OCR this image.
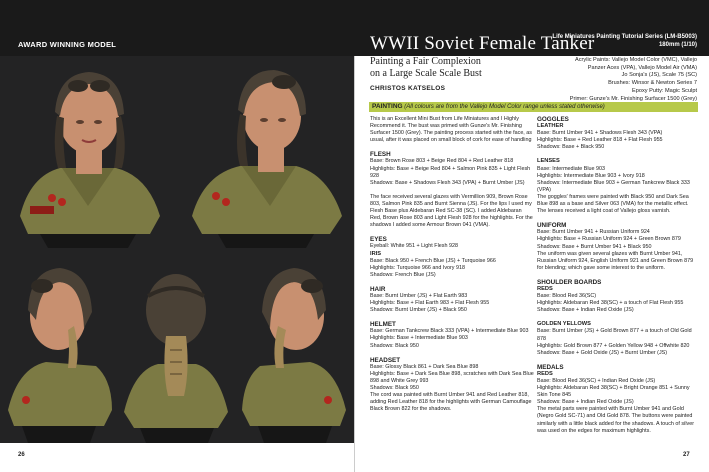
AWARD WINNING MODEL	WWII Soviet Female Tanker
Life Miniatures Painting Tutorial Series (LM-B5003)
180mm (1/10)
Painting a Fair Complexion
on a Large Scale Scale Bust
CHRISTOS KATSELOS
Acrylic Paints: Vallejo Model Color (VMC), Vallejo
Panzer Aces (VPA), Vallejo Model Air (VMA)
Jo Sonja's (JS), Scale 75 (SC)
Brushes: Winsor & Newton Series 7
Epoxy Putty: Magic Sculpt
Primer: Gunze's Mr. Finishing Surfacer 1500 (Grey)
PAINTING (All colours are from the Vallejo Model Color range unless stated otherwise)

This is an Excellent Mini Bust from Life Miniatures and I Highly Recommend it. The bust was primed with Gunze's Mr. Finishing Surfacer 1500 (Grey). The painting process started with the face, as usual, after it was placed on small block of cork for ease of handling

FLESH
Base: Brown Rose 803 + Beige Red 804 + Red Leather 818
Highlights: Base + Beige Red 804 + Salmon Pink 835 + Light Flesh 928

Shadows: Base + Shadows Flesh 343 (VPA) + Burnt Umber (JS)

The face received several glazes with Vermillion 909, Brown Rose 803, Salmon Pink 835 and Burnt Sienna (JS). For the lips I used my Flesh Base plus Aldebaran Red SC-38 (SC). I added Aldebaran Red, Brown Rose 803 and Light Flesh 928 for the highlights. For the shadows I added some Armour Brown 041 (VMA).

EYES
Eyeball: White 951 + Light Flesh 928
IRIS
Base: Black 950 + French Blue (JS) + Turquoise 966
Highlights: Turquoise 966 and Ivory 918

Shadows: French Blue (JS)

HAIR
Base: Burnt Umber (JS) + Flat Earth 983
Highlights: Base + Flat Earth 983 + Flat Flesh 955

Shadows: Burnt Umber (JS) + Black 950

HELMET
Base: German Tankcrew Black 333 (VPA) + Intermediate Blue 903
Highlights: Base + Intermediate Blue 903

Shadows: Black 950

HEADSET
Base: Glossy Black 861 + Dark Sea Blue 898
Highlights: Base + Dark Sea Blue 898, scratches with Dark Sea Blue 898 and White Grey 993

Shadows: Black 950

The cord was painted with Burnt Umber 941 and Red Leather 818, adding Red Leather 818 for the highlights with German Camouflage Black Brown 822 for the shadows.

GOGGLES
LEATHER
Base: Burnt Umber 941 + Shadows Flesh 343 (VPA)
Highlights: Base + Red Leather 818 + Flat Flesh 955

Shadows: Base + Black 950

LENSES
Base: Intermediate Blue 903
Highlights: Intermediate Blue 903 + Ivory 918
Shadows: Intermediate Blue 903 + German Tankcrew Black 333 (VPA)

The goggles' frames were painted with Black 950 and Dark Sea Blue 898 as a base and Silver 063 (VMA) for the metallic effect. The lenses received a light coat of Vallejo gloss varnish.

UNIFORM
Base: Burnt Umber 941 + Russian Uniform 924
Highlights: Base + Russian Uniform 924 + Green Brown 879
Shadows: Base + Burnt Umber 941 + Black 950

The uniform was given several glazes with Burnt Umber 941, Russian Uniform 924, English Uniform 921 and Green Brown 879 for blending; which gave some interest to the uniform.

SHOULDER BOARDS
REDS
Base: Blood Red 36(SC)
Highlights: Aldebaran Red 38(SC) + a touch of Flat Flesh 955

Shadows: Base + Indian Red Oxide (JS)

GOLDEN YELLOWS
Base: Burnt Umber (JS) + Gold Brown 877 + a touch of Old Gold 878
Highlights: Gold Brown 877 + Golden Yellow 948 + Offwhite 820

Shadows: Base + Gold Oxide (JS) + Burnt Umber (JS)

MEDALS
REDS
Base: Blood Red 36(SC) + Indian Red Oxide (JS)
Highlights: Aldebaran Red 38(SC) + Bright Orange 851 + Sunny Skin Tone 845
Shadows: Base + Indian Red Oxide (JS)

The metal parts were painted with Burnt Umber 941 and Gold (Negro Gold SC-71) and Old Gold 878. The buttons were painted similarly with a little black added for the shadows. A touch of silver was used on the edges for maximum highlights.

26	27
